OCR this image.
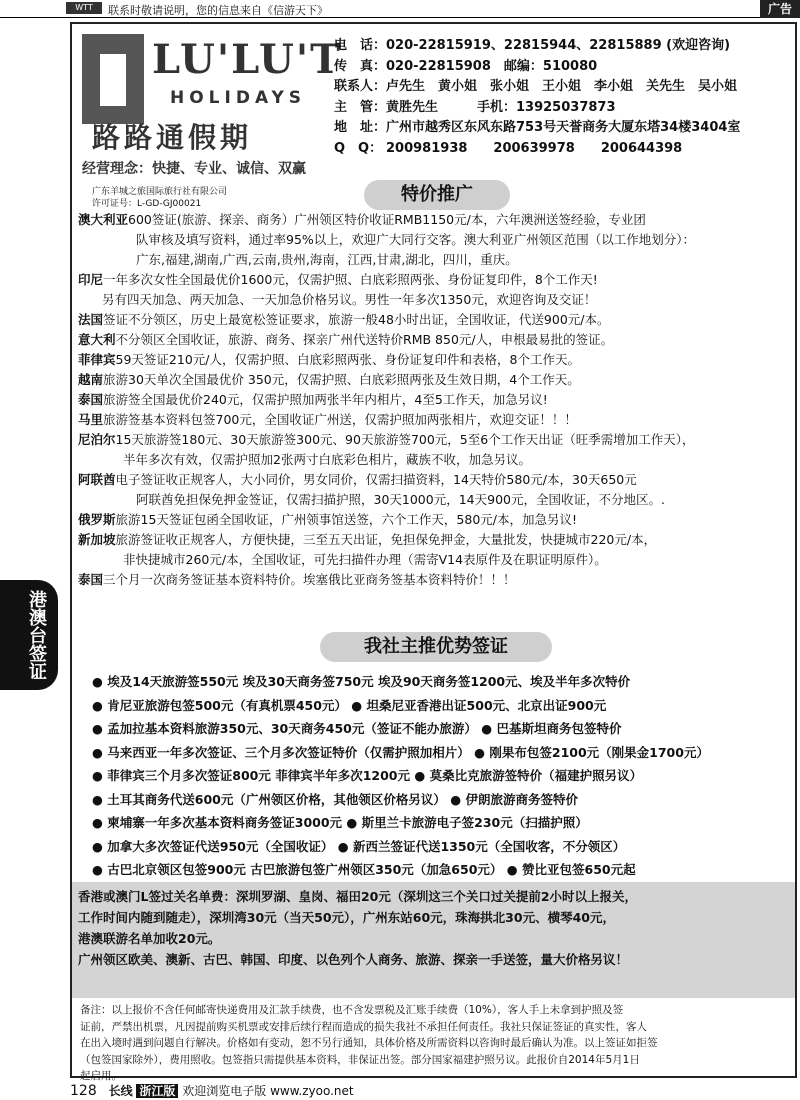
WTT	联系时敬请说明，您的信息来自《信游天下》	广告
港澳台签证
LU'LU'T
HOLIDAYS
路路通假期
经营理念：快捷、专业、诚信、双赢
广东羊城之旅国际旅行社有限公司
许可证号：L-GD-GJ00021
电　话：020-22815919、22815944、22815889 (欢迎咨询)
传　真：020-22815908　邮编：510080
联系人：卢先生　黄小姐　张小姐　王小姐　李小姐　关先生　吴小姐
主　管：黄胜先生　　　手机：13925037873
地　址：广州市越秀区东风东路753号天誉商务大厦东塔34楼3404室
Q　Q： 200981938　　200639978　　200644398
特价推广
澳大利亚600签证(旅游、探亲、商务）广州领区特价收证RMB1150元/本，六年澳洲送签经验，专业团
队审核及填写资料，通过率95%以上，欢迎广大同行交客。澳大利亚广州领区范围（以工作地划分）：
广东,福建,湖南,广西,云南,贵州,海南，江西,甘肃,湖北，四川，重庆。
印尼一年多次女性全国最优价1600元，仅需护照、白底彩照两张、身份证复印件，8个工作天!
另有四天加急、两天加急、一天加急价格另议。男性一年多次1350元，欢迎咨询及交证！
法国签证不分领区，历史上最宽松签证要求，旅游一般48小时出证，全国收证，代送900元/本。
意大利不分领区全国收证，旅游、商务、探亲广州代送特价RMB 850元/人，申根最易批的签证。
菲律宾59天签证210元/人，仅需护照、白底彩照两张、身份证复印件和表格，8个工作天。
越南旅游30天单次全国最优价 350元，仅需护照、白底彩照两张及生效日期，4个工作天。
泰国旅游签全国最优价240元，仅需护照加两张半年内相片，4至5工作天，加急另议!
马里旅游签基本资料包签700元，全国收证广州送，仅需护照加两张相片，欢迎交证！！！
尼泊尔15天旅游签180元、30天旅游签300元、90天旅游签700元，5至6个工作天出证（旺季需增加工作天），
半年多次有效，仅需护照加2张两寸白底彩色相片，藏族不收，加急另议。
阿联酋电子签证收正规客人，大小同价，男女同价，仅需扫描资料，14天特价580元/本，30天650元
阿联酋免担保免押金签证，仅需扫描护照，30天1000元，14天900元，全国收证，不分地区。.
俄罗斯旅游15天签证包函全国收证，广州领事馆送签，六个工作天，580元/本，加急另议!
新加坡旅游签证收正规客人，方便快捷，三至五天出证，免担保免押金，大量批发，快捷城市220元/本，
非快捷城市260元/本，全国收证，可先扫描件办理（需寄V14表原件及在职证明原件）。
泰国三个月一次商务签证基本资料特价。埃塞俄比亚商务签基本资料特价！！！
我社主推优势签证
● 埃及14天旅游签550元 埃及30天商务签750元 埃及90天商务签1200元、埃及半年多次特价
● 肯尼亚旅游包签500元（有真机票450元） ● 坦桑尼亚香港出证500元、北京出证900元
● 孟加拉基本资料旅游350元、30天商务450元（签证不能办旅游） ● 巴基斯坦商务包签特价
● 马来西亚一年多次签证、三个月多次签证特价（仅需护照加相片） ● 刚果布包签2100元（刚果金1700元）
● 菲律宾三个月多次签证800元 菲律宾半年多次1200元 ● 莫桑比克旅游签特价（福建护照另议）
● 土耳其商务代送600元（广州领区价格，其他领区价格另议） ● 伊朗旅游商务签特价
● 柬埔寨一年多次基本资料商务签证3000元 ● 斯里兰卡旅游电子签230元（扫描护照）
● 加拿大多次签证代送950元（全国收证） ● 新西兰签证代送1350元（全国收客，不分领区）
● 古巴北京领区包签900元 古巴旅游包签广州领区350元（加急650元） ● 赞比亚包签650元起
香港或澳门L签过关名单费：深圳罗湖、皇岗、福田20元（深圳这三个关口过关提前2小时以上报关，
工作时间内随到随走），深圳湾30元（当天50元），广州东站60元，珠海拱北30元、横琴40元，
港澳联游名单加收20元。
广州领区欧美、澳新、古巴、韩国、印度、以色列个人商务、旅游、探亲一手送签，量大价格另议！
备注：以上报价不含任何邮寄快递费用及汇款手续费，也不含发票税及汇账手续费（10%），客人手上未拿到护照及签
证前，严禁出机票，凡因提前购买机票或安排后续行程而造成的损失我社不承担任何责任。我社只保证签证的真实性，客人
在出入境时遇到问题自行解决。价格如有变动，恕不另行通知，具体价格及所需资料以咨询时最后确认为准。以上签证如拒签
（包签国家除外），费用照收。包签指只需提供基本资料，非保证出签。部分国家福建护照另议。此报价自2014年5月1日
起启用。
128 长线 浙江版 欢迎浏览电子版 www.zyoo.net
